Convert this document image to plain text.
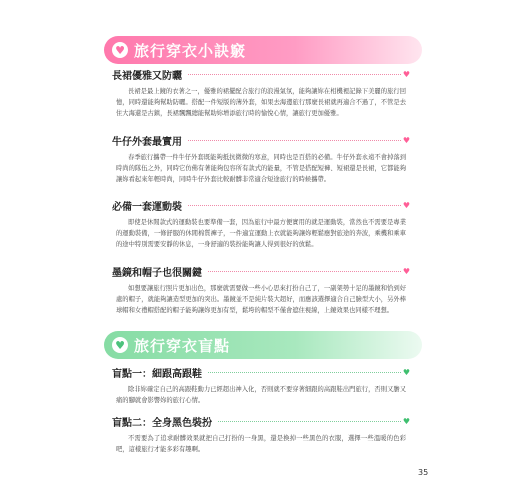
♥ 旅行穿衣小訣竅
長裙優雅又防曬	♥

長裙是最上鏡的衣著之一，優雅的裙擺配合旅行的浪漫氣氛，能夠讓妳在相機裡記錄下美麗的旅行回憶，同時還能夠幫助防曬。搭配一件短版的薄外套，如果去海邊旅行那麼長裙就再適合不過了，不管是去住大海還是古鎮，長裙飄飄總能幫助妳增添旅行時的愉悅心情，讓旅行更加優雅。

牛仔外套最實用	♥

春季旅行攜帶一件牛仔外套既能夠抵抗微微的寒意，同時也是百搭的必備。牛仔外套永遠不會掉落到時尚的隊伍之外，同時它仿佛有著能夠包容所有款式的能量，不管是搭配短褲、短裙還是長裙，它都能夠讓妳看起來年輕時尚，同時牛仔外套比較耐髒非常適合短途旅行的時候攜帶。

必備一套運動裝	♥

即使是休閒款式的運動裝也要準備一套，因為旅行中最方便實用的就是運動裝，當然也不需要是專業的運動裝備，一條舒服的休閒棉質褲子，一件適宜運動上衣就能夠讓妳輕鬆應對旅途的奔波，乘機和乘車的途中特別需要安靜的休息，一身舒適的裝扮能夠讓人得到很好的放鬆。

墨鏡和帽子也很關鍵	♥

如想要讓旅行照片更加出色，那麼就需要做一些小心思來打扮自己了，一副架勢十足的墨鏡和恰到好處的帽子，就能夠讓造型更加的突出。墨鏡並不是純片裝大超好，而應該選擇適合自己臉型大小，另外棒球帽和女禮帽搭配的帽子能夠讓妳更加有型，鬆垮的帽型不僅會遮住視線，上鏡效果也同樣不理想。

♥ 旅行穿衣盲點
盲點一：細跟高跟鞋	♥

除非妳確定自己的高跟鞋動力已經超出神入化，否則就不要穿著細跟的高跟鞋出門旅行，否則又膽又痛的腳就會影響妳的旅行心情。

盲點二：全身黑色裝扮	♥

不需要為了追求耐髒效果就把自己打扮的一身黑，還是換掉一些黑色的衣服，選擇一些溫暖的色彩吧，這樣旅行才能多彩有趣啊。

35
